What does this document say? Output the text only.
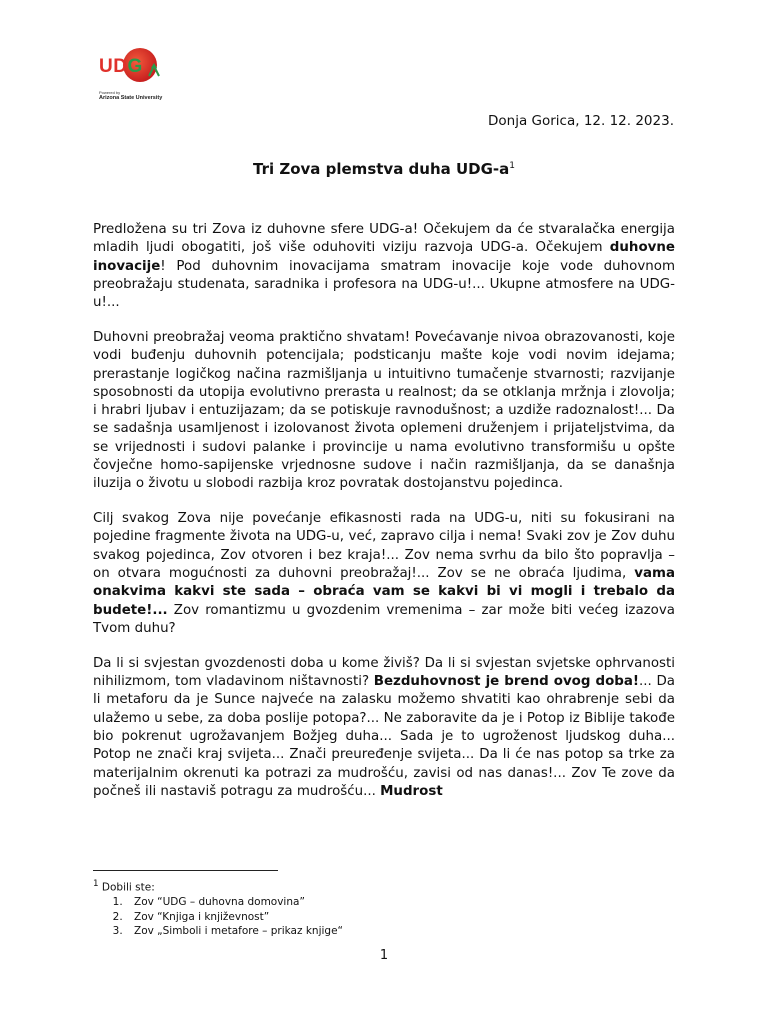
UDG
Powered by
Arizona State University
Donja Gorica, 12. 12. 2023.
Tri Zova plemstva duha UDG-$a^1$

Predložena su tri Zova iz duhovne sfere UDG-a! Očekujem da će stvaralačka energija mladih ljudi obogatiti, još više oduhoviti viziju razvoja UDG-a. Očekujem duhovne inovacije! Pod duhovnim inovacijama smatram inovacije koje vode duhovnom preobražaju studenata, saradnika i profesora na UDG-u!... Ukupne atmosfere na UDG-u!...

Duhovni preobražaj veoma praktično shvatam! Povećavanje nivoa obrazovanosti, koje vodi buđenju duhovnih potencijala; podsticanju mašte koje vodi novim idejama; prerastanje logičkog načina razmišljanja u intuitivno tumačenje stvarnosti; razvijanje sposobnosti da utopija evolutivno prerasta u realnost; da se otklanja mržnja i zlovolja; i hrabri ljubav i entuzijazam; da se potiskuje ravnodušnost; a uzdiže radoznalost!... Da se sadašnja usamljenost i izolovanost života oplemeni druženjem i prijateljstvima, da se vrijednosti i sudovi palanke i provincije u nama evolutivno transformišu u opšte čovječne homo-sapijenske vrjednosne sudove i način razmišljanja, da se današnja iluzija o životu u slobodi razbija kroz povratak dostojanstvu pojedinca.

Cilj svakog Zova nije povećanje efikasnosti rada na UDG-u, niti su fokusirani na pojedine fragmente života na UDG-u, već, zapravo cilja i nema! Svaki zov je Zov duhu svakog pojedinca, Zov otvoren i bez kraja!... Zov nema svrhu da bilo što popravlja – on otvara mogućnosti za duhovni preobražaj!... Zov se ne obraća ljudima, vama onakvima kakvi ste sada – obraća vam se kakvi bi vi mogli i trebalo da budete!... Zov romantizmu u gvozdenim vremenima – zar može biti većeg izazova Tvom duhu?

Da li si svjestan gvozdenosti doba u kome živiš? Da li si svjestan svjetske ophrvanosti nihilizmom, tom vladavinom ništavnosti? Bezduhovnost je brend ovog doba!... Da li metaforu da je Sunce najveće na zalasku možemo shvatiti kao ohrabrenje sebi da ulažemo u sebe, za doba poslije potopa?... Ne zaboravite da je i Potop iz Biblije takođe bio pokrenut ugrožavanjem Božjeg duha... Sada je to ugroženost ljudskog duha... Potop ne znači kraj svijeta... Znači preuređenje svijeta... Da li će nas potop sa trke za materijalnim okrenuti ka potrazi za mudrošću, zavisi od nas danas!... Zov Te zove da počneš ili nastaviš potragu za mudrošću... Mudrost

$^1$ Dobili ste:
1. Zov “UDG – duhovna domovina”
2. Zov “Knjiga i književnost”
3. Zov „Simboli i metafore – prikaz knjige“
1
